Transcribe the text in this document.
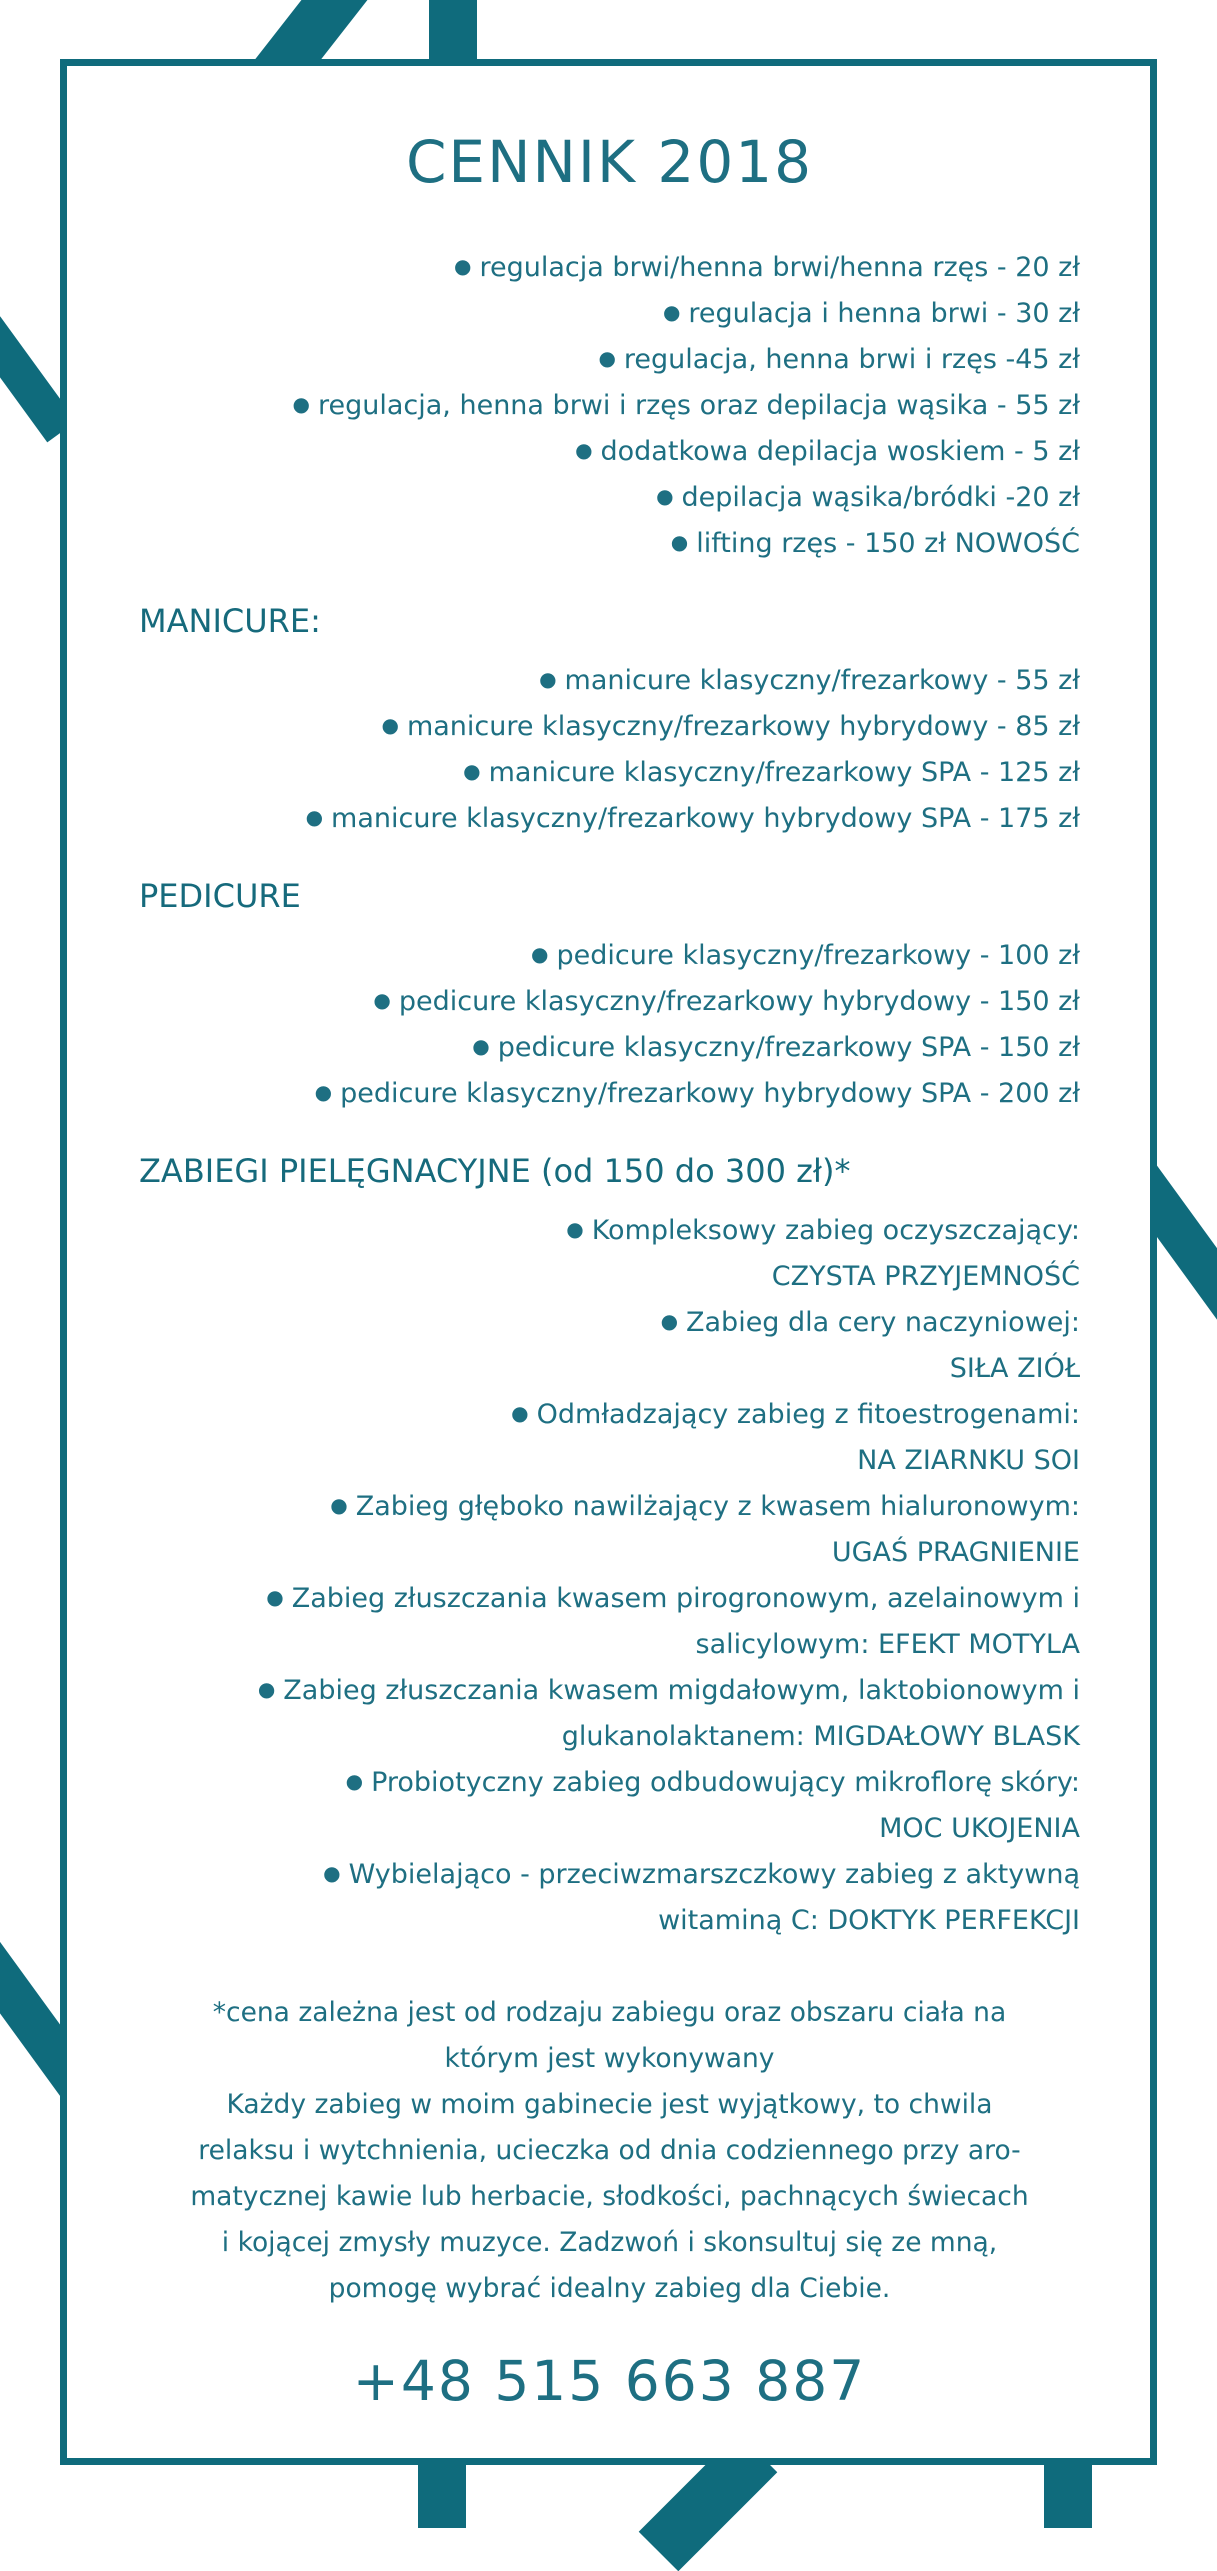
CENNIK 2018
● regulacja brwi/henna brwi/henna rzęs - 20 zł
● regulacja i henna brwi - 30 zł
● regulacja, henna brwi i rzęs -45 zł
● regulacja, henna brwi i rzęs oraz depilacja wąsika - 55 zł
● dodatkowa depilacja woskiem - 5 zł
● depilacja wąsika/bródki -20 zł
● lifting rzęs - 150 zł NOWOŚĆ
MANICURE:
● manicure klasyczny/frezarkowy - 55 zł
● manicure klasyczny/frezarkowy hybrydowy - 85 zł
● manicure klasyczny/frezarkowy SPA - 125 zł
● manicure klasyczny/frezarkowy hybrydowy SPA - 175 zł
PEDICURE
● pedicure klasyczny/frezarkowy - 100 zł
● pedicure klasyczny/frezarkowy hybrydowy - 150 zł
● pedicure klasyczny/frezarkowy SPA - 150 zł
● pedicure klasyczny/frezarkowy hybrydowy SPA - 200 zł
ZABIEGI PIELĘGNACYJNE (od 150 do 300 zł)*
● Kompleksowy zabieg oczyszczający:
CZYSTA PRZYJEMNOŚĆ
● Zabieg dla cery naczyniowej:
SIŁA ZIÓŁ
● Odmładzający zabieg z fitoestrogenami:
NA ZIARNKU SOI
● Zabieg głęboko nawilżający z kwasem hialuronowym:
UGAŚ PRAGNIENIE
● Zabieg złuszczania kwasem pirogronowym, azelainowym i
salicylowym: EFEKT MOTYLA
● Zabieg złuszczania kwasem migdałowym, laktobionowym i
glukanolaktanem: MIGDAŁOWY BLASK
● Probiotyczny zabieg odbudowujący mikroflorę skóry:
MOC UKOJENIA
● Wybielająco - przeciwzmarszczkowy zabieg z aktywną
witaminą C: DOKTYK PERFEKCJI

*cena zależna jest od rodzaju zabiegu oraz obszaru ciała na

którym jest wykonywany

Każdy zabieg w moim gabinecie jest wyjątkowy, to chwila

relaksu i wytchnienia, ucieczka od dnia codziennego przy aro-

matycznej kawie lub herbacie, słodkości, pachnących świecach

i kojącej zmysły muzyce. Zadzwoń i skonsultuj się ze mną,

pomogę wybrać idealny zabieg dla Ciebie.

+48 515 663 887
